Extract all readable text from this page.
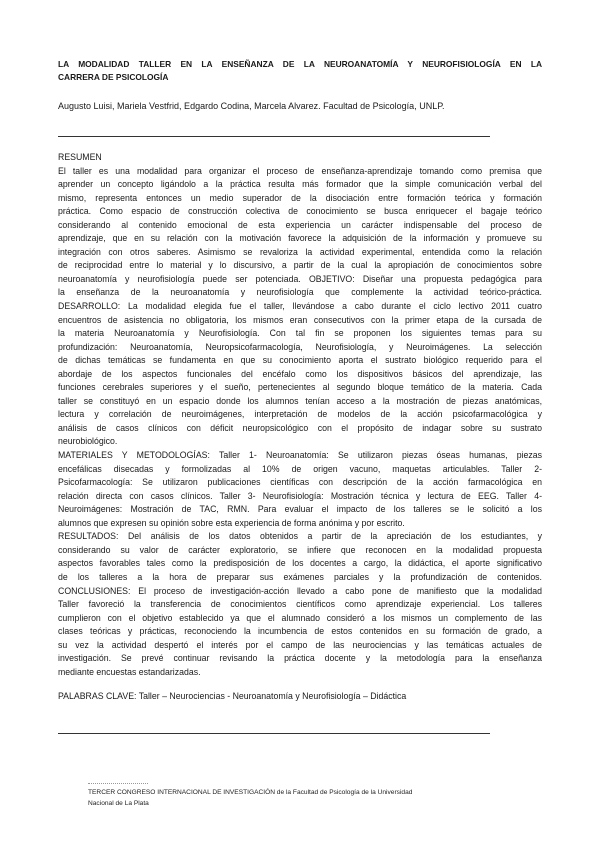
LA MODALIDAD TALLER EN LA ENSEÑANZA DE LA NEUROANATOMÍA Y NEUROFISIOLOGÍA EN LA
CARRERA DE PSICOLOGÍA
Augusto Luisi, Mariela Vestfrid, Edgardo Codina, Marcela Alvarez. Facultad de Psicología, UNLP.
RESUMEN
El taller es una modalidad para organizar el proceso de enseñanza-aprendizaje tomando como premisa que
aprender un concepto ligándolo a la práctica resulta más formador que la simple comunicación verbal del
mismo, representa entonces un medio superador de la disociación entre formación teórica y formación
práctica. Como espacio de construcción colectiva de conocimiento se busca enriquecer el bagaje teórico
considerando al contenido emocional de esta experiencia un carácter indispensable del proceso de
aprendizaje, que en su relación con la motivación favorece la adquisición de la información y promueve su
integración con otros saberes. Asimismo se revaloriza la actividad experimental, entendida como la relación
de reciprocidad entre lo material y lo discursivo, a partir de la cual la apropiación de conocimientos sobre
neuroanatomía y neurofisiología puede ser potenciada. OBJETIVO: Diseñar una propuesta pedagógica para
la enseñanza de la neuroanatomía y neurofisiología que complemente la actividad teórico-práctica.
DESARROLLO: La modalidad elegida fue el taller, llevándose a cabo durante el ciclo lectivo 2011 cuatro
encuentros de asistencia no obligatoria, los mismos eran consecutivos con la primer etapa de la cursada de
la materia Neuroanatomía y Neurofisiología. Con tal fin se proponen los siguientes temas para su
profundización: Neuroanatomía, Neuropsicofarmacología, Neurofisiología, y Neuroimágenes. La selección
de dichas temáticas se fundamenta en que su conocimiento aporta el sustrato biológico requerido para el
abordaje de los aspectos funcionales del encéfalo como los dispositivos básicos del aprendizaje, las
funciones cerebrales superiores y el sueño, pertenecientes al segundo bloque temático de la materia. Cada
taller se constituyó en un espacio donde los alumnos tenían acceso a la mostración de piezas anatómicas,
lectura y correlación de neuroimágenes, interpretación de modelos de la acción psicofarmacológica y
análisis de casos clínicos con déficit neuropsicológico con el propósito de indagar sobre su sustrato
neurobiológico.
MATERIALES Y METODOLOGÍAS: Taller 1- Neuroanatomía: Se utilizaron piezas óseas humanas, piezas
encefálicas disecadas y formolizadas al 10% de origen vacuno, maquetas articulables. Taller 2-
Psicofarmacología: Se utilizaron publicaciones científicas con descripción de la acción farmacológica en
relación directa con casos clínicos. Taller 3- Neurofisiología: Mostración técnica y lectura de EEG. Taller 4-
Neuroimágenes: Mostración de TAC, RMN. Para evaluar el impacto de los talleres se le solicitó a los
alumnos que expresen su opinión sobre esta experiencia de forma anónima y por escrito.
RESULTADOS: Del análisis de los datos obtenidos a partir de la apreciación de los estudiantes, y
considerando su valor de carácter exploratorio, se infiere que reconocen en la modalidad propuesta
aspectos favorables tales como la predisposición de los docentes a cargo, la didáctica, el aporte significativo
de los talleres a la hora de preparar sus exámenes parciales y la profundización de contenidos.
CONCLUSIONES: El proceso de investigación-acción llevado a cabo pone de manifiesto que la modalidad
Taller favoreció la transferencia de conocimientos científicos como aprendizaje experiencial. Los talleres
cumplieron con el objetivo establecido ya que el alumnado consideró a los mismos un complemento de las
clases teóricas y prácticas, reconociendo la incumbencia de estos contenidos en su formación de grado, a
su vez la actividad despertó el interés por el campo de las neurociencias y las temáticas actuales de
investigación. Se prevé continuar revisando la práctica docente y la metodología para la enseñanza
mediante encuestas estandarizadas.
PALABRAS CLAVE: Taller – Neurociencias - Neuroanatomía y Neurofisiología – Didáctica
TERCER CONGRESO INTERNACIONAL DE INVESTIGACIÓN de la Facultad de Psicología de la Universidad
Nacional de La Plata
